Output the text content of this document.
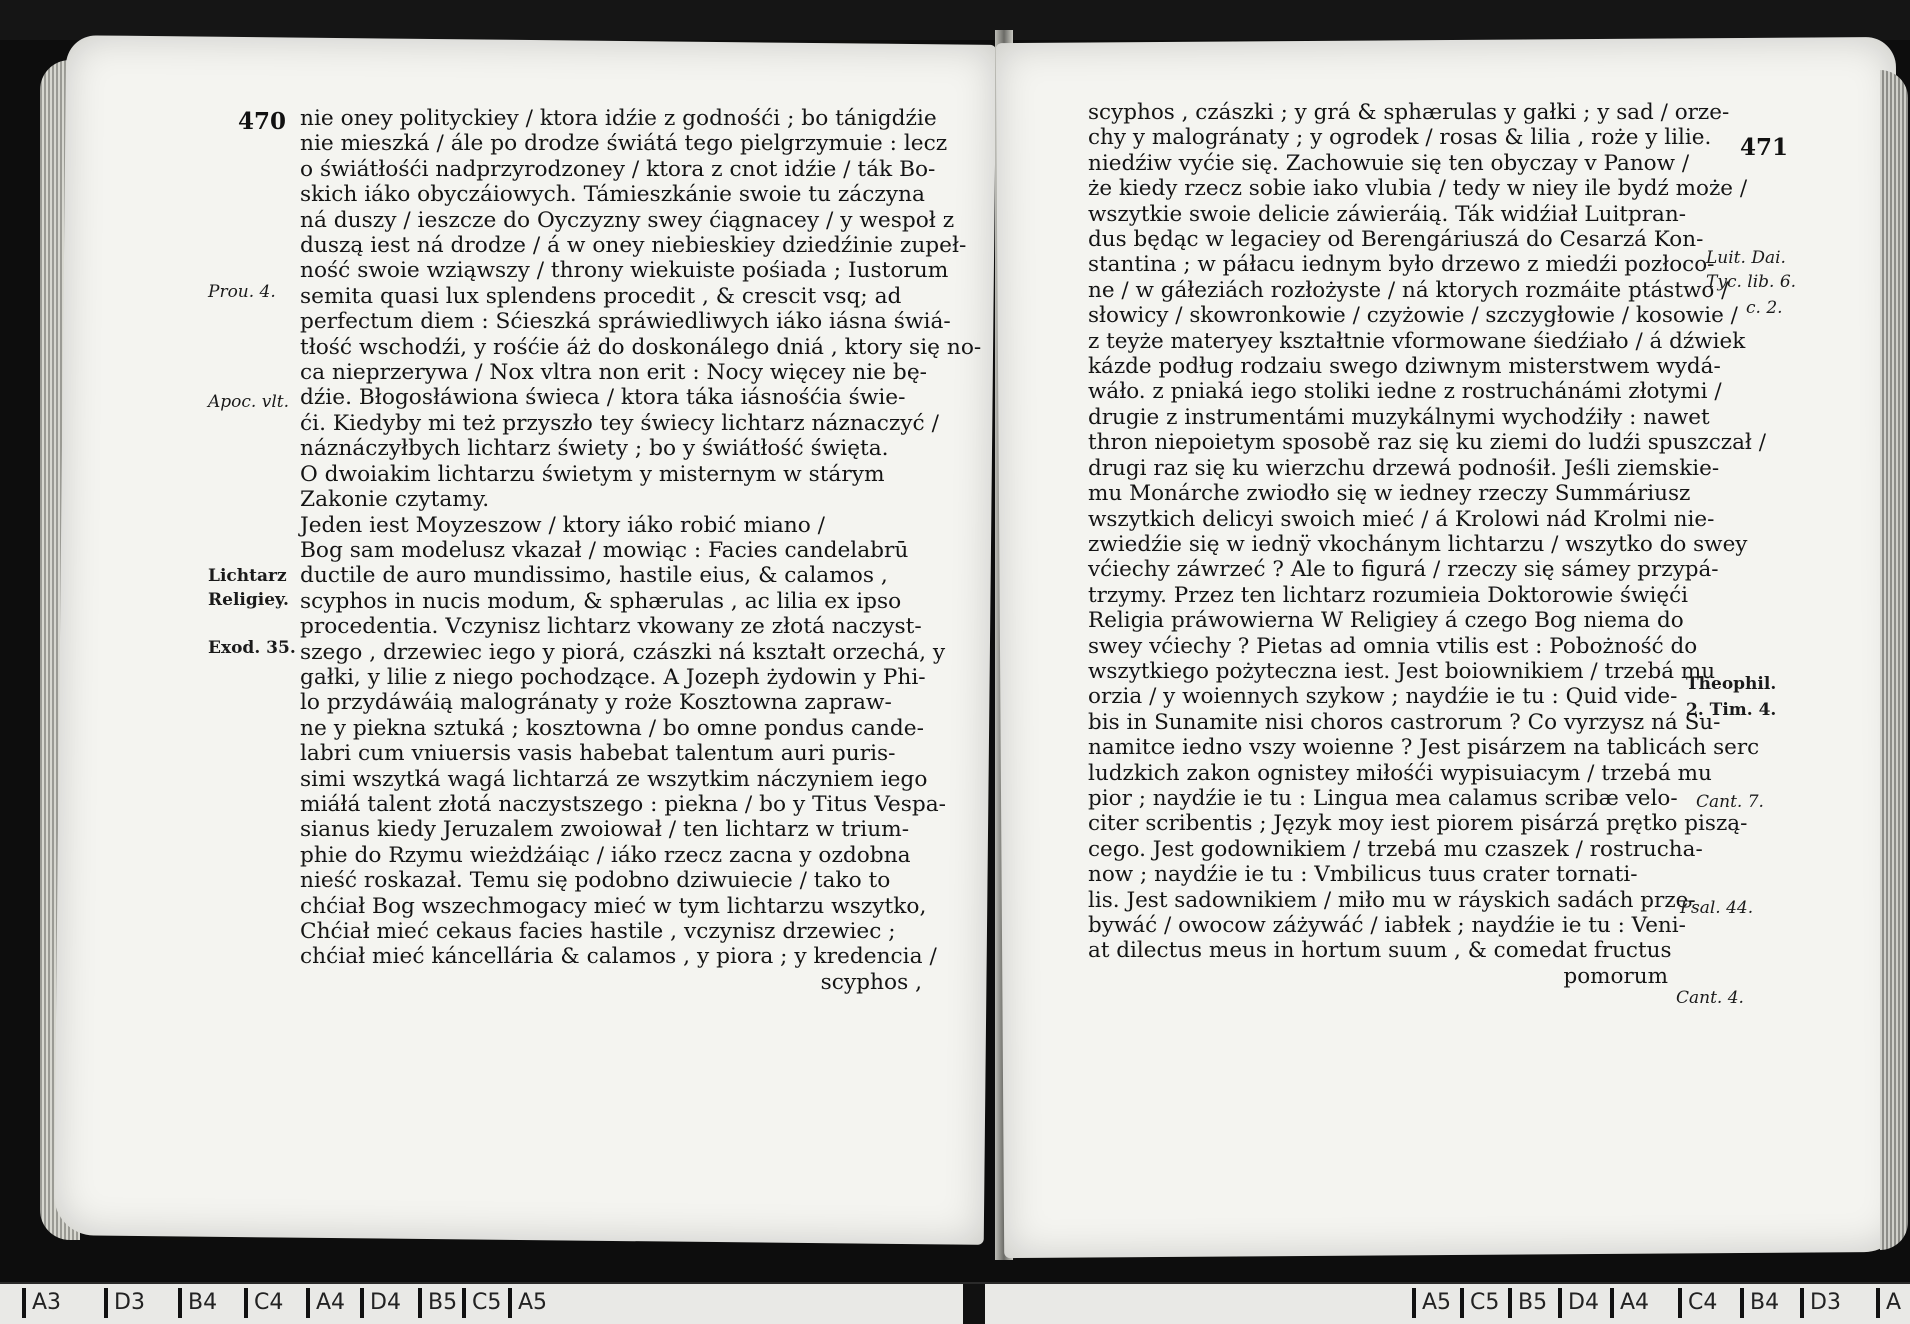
470 nie oney polityckiey / ktora idźie z godnośći ; bo tánigdźie
nie mieszká / ále po drodze świátá tego pielgrzymuie : lecz
o świátłośći nadprzyrodzoney / ktora z cnot idźie / ták Bo-
skich iáko obyczáiowych. Támieszkánie swoie tu záczyna
ná duszy / ieszcze do Oyczyzny swey ćiągnacey / y wespoł z
duszą iest ná drodze / á w oney niebieskiey dziedźinie zupeł-
ność swoie wziąwszy / throny wiekuiste pośiada ; Iustorum
semita quasi lux splendens procedit , & crescit vsq; ad
perfectum diem : Sćieszká spráwiedliwych iáko iásna świá-
tłość wschodźi, y rośćie áż do doskonálego dniá , ktory się no-
ca nieprzerywa / Nox vltra non erit : Nocy więcey nie bę-
dźie. Błogosłáwiona świeca / ktora táka iásnośćia świe-
ći. Kiedyby mi też przyszło tey świecy lichtarz náznaczyć /
náznáczyłbych lichtarz świety ; bo y świátłość święta.
O dwoiakim lichtarzu świetym y misternym w stárym
Zakonie czytamy.
Jeden iest Moyzeszow / ktory iáko robić miano /
Bog sam modelusz vkazał / mowiąc : Facies candelabrū
ductile de auro mundissimo, hastile eius, & calamos ,
scyphos in nucis modum, & sphærulas , ac lilia ex ipso
procedentia. Vczynisz lichtarz vkowany ze złotá naczyst-
szego , drzewiec iego y piorá, czászki ná kształt orzechá, y
gałki, y lilie z niego pochodzące. A Jozeph żydowin y Phi-
lo przydáwáią malogránaty y roże Kosztowna zapraw-
ne y piekna sztuká ; kosztowna / bo omne pondus cande-
labri cum vniuersis vasis habebat talentum auri puris-
simi wszytká wagá lichtarzá ze wszytkim náczyniem iego
miáłá talent złotá naczystszego : piekna / bo y Titus Vespa-
sianus kiedy Jeruzalem zwoiował / ten lichtarz w trium-
phie do Rzymu wieżdżáiąc / iáko rzecz zacna y ozdobna
nieść roskazał. Temu się podobno dziwuiecie / tako to
chćiał Bog wszechmogacy mieć w tym lichtarzu wszytko,
Chćiał mieć cekaus facies hastile , vczynisz drzewiec ;
chćiał mieć káncellária & calamos , y piora ; y kredencia /
scyphos ,
Prou. 4.
Apoc. vlt.
Lichtarz
Religiey.
Exod. 35.
scyphos , czászki ; y grá & sphærulas y gałki ; y sad / orze-
chy y malogránaty ; y ogrodek / rosas & lilia , roże y lilie.
niedźiw vyćie się. Zachowuie się ten obyczay v Panow /
że kiedy rzecz sobie iako vlubia / tedy w niey ile bydź może /
wszytkie swoie delicie záwieráią. Ták widźiał Luitpran-
dus będąc w legaciey od Berengáriuszá do Cesarzá Kon-
stantina ; w páłacu iednym było drzewo z miedźi pozłoco-
ne / w gáłeziách rozłożyste / ná ktorych rozmáite ptástwo /
słowicy / skowronkowie / czyżowie / szczygłowie / kosowie /
z teyże materyey kształtnie vformowane śiedźiało / á dźwiek
kázde podług rodzaiu swego dziwnym misterstwem wydá-
wáło. z pniaká iego stoliki iedne z rostruchánámi złotymi /
drugie z instrumentámi muzykálnymi wychodźiły : nawet
thron niepoietym sposobě raz się ku ziemi do ludźi spuszczał /
drugi raz się ku wierzchu drzewá podnośił. Jeśli ziemskie-
mu Monárche zwiodło się w iedney rzeczy Summáriusz
wszytkich delicyi swoich mieć / á Krolowi nád Krolmi nie-
zwiedźie się w iednÿ vkochánym lichtarzu / wszytko do swey
vćiechy záwrzeć ? Ale to figurá / rzeczy się sámey przypá-
trzymy. Przez ten lichtarz rozumieia Doktorowie święći
Religia práwowierna W Religiey á czego Bog niema do
swey vćiechy ? Pietas ad omnia vtilis est : Pobożność do
wszytkiego pożyteczna iest. Jest boiownikiem / trzebá mu
orzia / y woiennych szykow ; naydźie ie tu : Quid vide-
bis in Sunamite nisi choros castrorum ? Co vyrzysz ná Su-
namitce iedno vszy woienne ? Jest pisárzem na tablicách serc
ludzkich zakon ognistey miłośći wypisuiacym / trzebá mu
pior ; naydźie ie tu : Lingua mea calamus scribæ velo-
citer scribentis ; Język moy iest piorem pisárzá prętko piszą-
cego. Jest godownikiem / trzebá mu czaszek / rostrucha-
now ; naydźie ie tu : Vmbilicus tuus crater tornati-
lis. Jest sadownikiem / miło mu w ráyskich sadách prze-
bywáć / owocow záżywáć / iabłek ; naydźie ie tu : Veni-
at dilectus meus in hortum suum , & comedat fructus
pomorum
471
Luit. Dai.
Tyc. lib. 6.
c. 2.
Theophil.
2. Tim. 4.
Cant. 7.
Psal. 44.
Cant. 4.
A3	D3	B4	C4	A4	D4	B5 C5 A5	A5 C5 B5 D4 A4	C4	B4	D3	A
